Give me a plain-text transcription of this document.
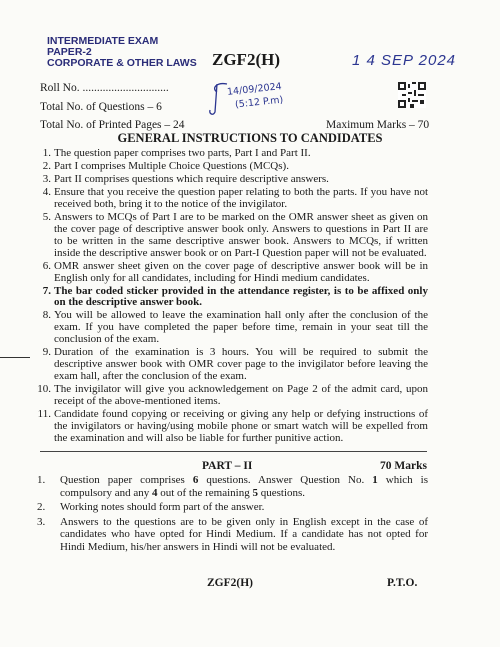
INTERMEDIATE EXAM
PAPER-2
CORPORATE & OTHER LAWS ZGF2(H)	1 4 SEP 2024
14/09/2024
(5:12 P.m)
Roll No. ..............................
Total No. of Questions – 6
Total No. of Printed Pages – 24	Maximum Marks – 70
GENERAL INSTRUCTIONS TO CANDIDATES
1. The question paper comprises two parts, Part I and Part II.
2. Part I comprises Multiple Choice Questions (MCQs).
3. Part II comprises questions which require descriptive answers.
4. Ensure that you receive the question paper relating to both the parts. If you have not received both, bring it to the notice of the invigilator.
5. Answers to MCQs of Part I are to be marked on the OMR answer sheet as given on the cover page of descriptive answer book only. Answers to questions in Part II are to be written in the same descriptive answer book. Answers to MCQs, if written inside the descriptive answer book or on Part-I Question paper will not be evaluated.
6. OMR answer sheet given on the cover page of descriptive answer book will be in English only for all candidates, including for Hindi medium candidates.
7. The bar coded sticker provided in the attendance register, is to be affixed only on the descriptive answer book.
8. You will be allowed to leave the examination hall only after the conclusion of the exam. If you have completed the paper before time, remain in your seat till the conclusion of the exam.
9. Duration of the examination is 3 hours. You will be required to submit the descriptive answer book with OMR cover page to the invigilator before leaving the exam hall, after the conclusion of the exam.
10. The invigilator will give you acknowledgement on Page 2 of the admit card, upon receipt of the above-mentioned items.
11. Candidate found copying or receiving or giving any help or defying instructions of the invigilators or having/using mobile phone or smart watch will be expelled from the examination and will also be liable for further punitive action.
PART – II	70 Marks
1. Question paper comprises 6 questions. Answer Question No. 1 which is compulsory and any 4 out of the remaining 5 questions.
2. Working notes should form part of the answer.
3. Answers to the questions are to be given only in English except in the case of candidates who have opted for Hindi Medium. If a candidate has not opted for Hindi Medium, his/her answers in Hindi will not be evaluated.
ZGF2(H)	P.T.O.
